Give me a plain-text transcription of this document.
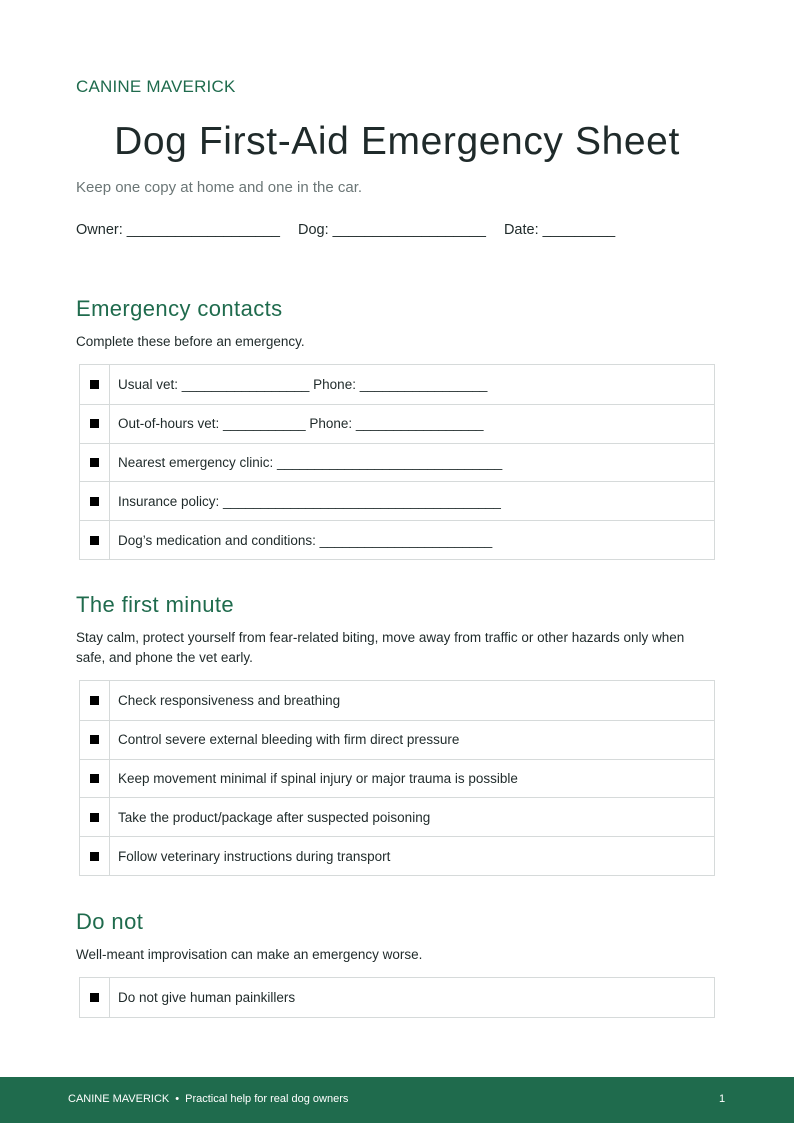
CANINE MAVERICK
Dog First-Aid Emergency Sheet
Keep one copy at home and one in the car.
Owner: ___________________ Dog: ___________________ Date: _________
Emergency contacts
Complete these before an emergency.
Usual vet: _________________ Phone: _________________
Out-of-hours vet: ___________ Phone: _________________
Nearest emergency clinic: ______________________________
Insurance policy: _____________________________________
Dog’s medication and conditions: _______________________
The first minute
Stay calm, protect yourself from fear-related biting, move away from traffic or other hazards only when safe, and phone the vet early.
Check responsiveness and breathing
Control severe external bleeding with firm direct pressure
Keep movement minimal if spinal injury or major trauma is possible
Take the product/package after suspected poisoning
Follow veterinary instructions during transport
Do not
Well-meant improvisation can make an emergency worse.
Do not give human painkillers
CANINE MAVERICK • Practical help for real dog owners	1
